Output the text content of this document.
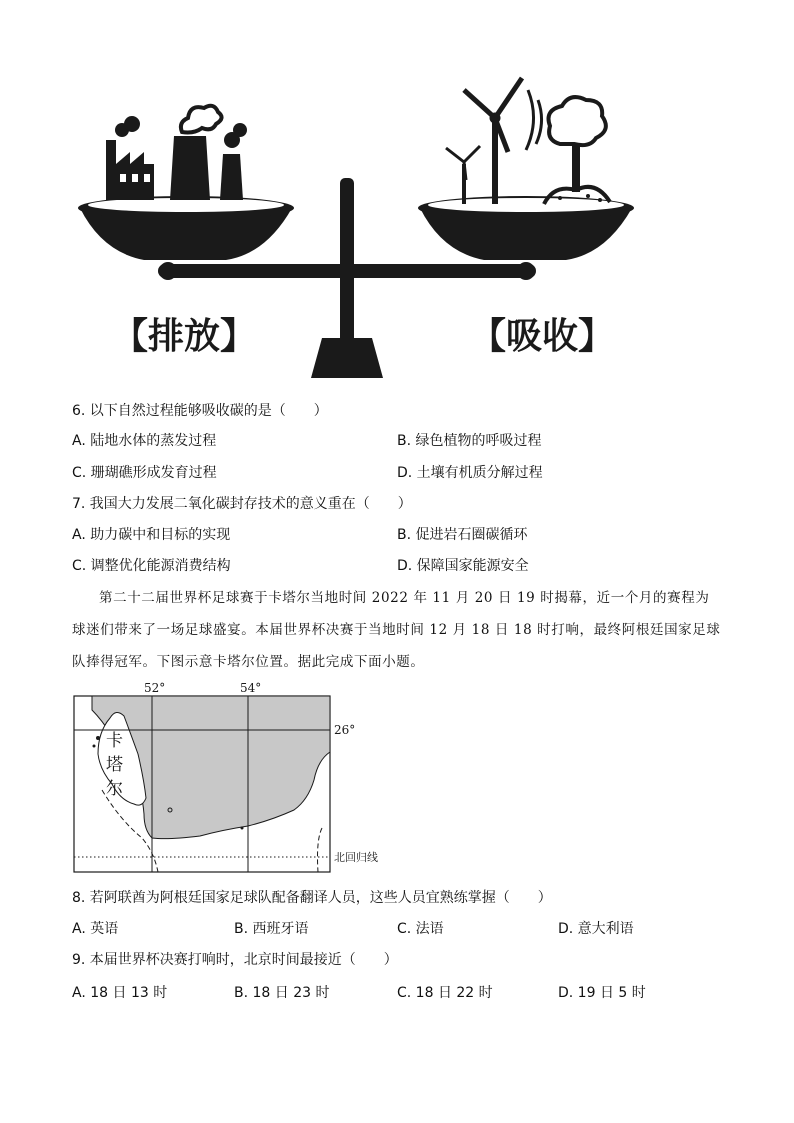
【排放】	【吸收】
6. 以下自然过程能够吸收碳的是（　　）
A. 陆地水体的蒸发过程	B. 绿色植物的呼吸过程
C. 珊瑚礁形成发育过程	D. 土壤有机质分解过程
7. 我国大力发展二氧化碳封存技术的意义重在（　　）
A. 助力碳中和目标的实现	B. 促进岩石圈碳循环
C. 调整优化能源消费结构	D. 保障国家能源安全

第二十二届世界杯足球赛于卡塔尔当地时间 2022 年 11 月 20 日 19 时揭幕，近一个月的赛程为球迷们带来了一场足球盛宴。本届世界杯决赛于当地时间 12 月 18 日 18 时打响，最终阿根廷国家足球队捧得冠军。下图示意卡塔尔位置。据此完成下面小题。

52°	54°
26°
卡
塔
尔
北回归线
8. 若阿联酋为阿根廷国家足球队配备翻译人员，这些人员宜熟练掌握（　　）
A. 英语	B. 西班牙语	C. 法语	D. 意大利语
9. 本届世界杯决赛打响时，北京时间最接近（　　）
A. 18 日 13 时	B. 18 日 23 时	C. 18 日 22 时	D. 19 日 5 时
